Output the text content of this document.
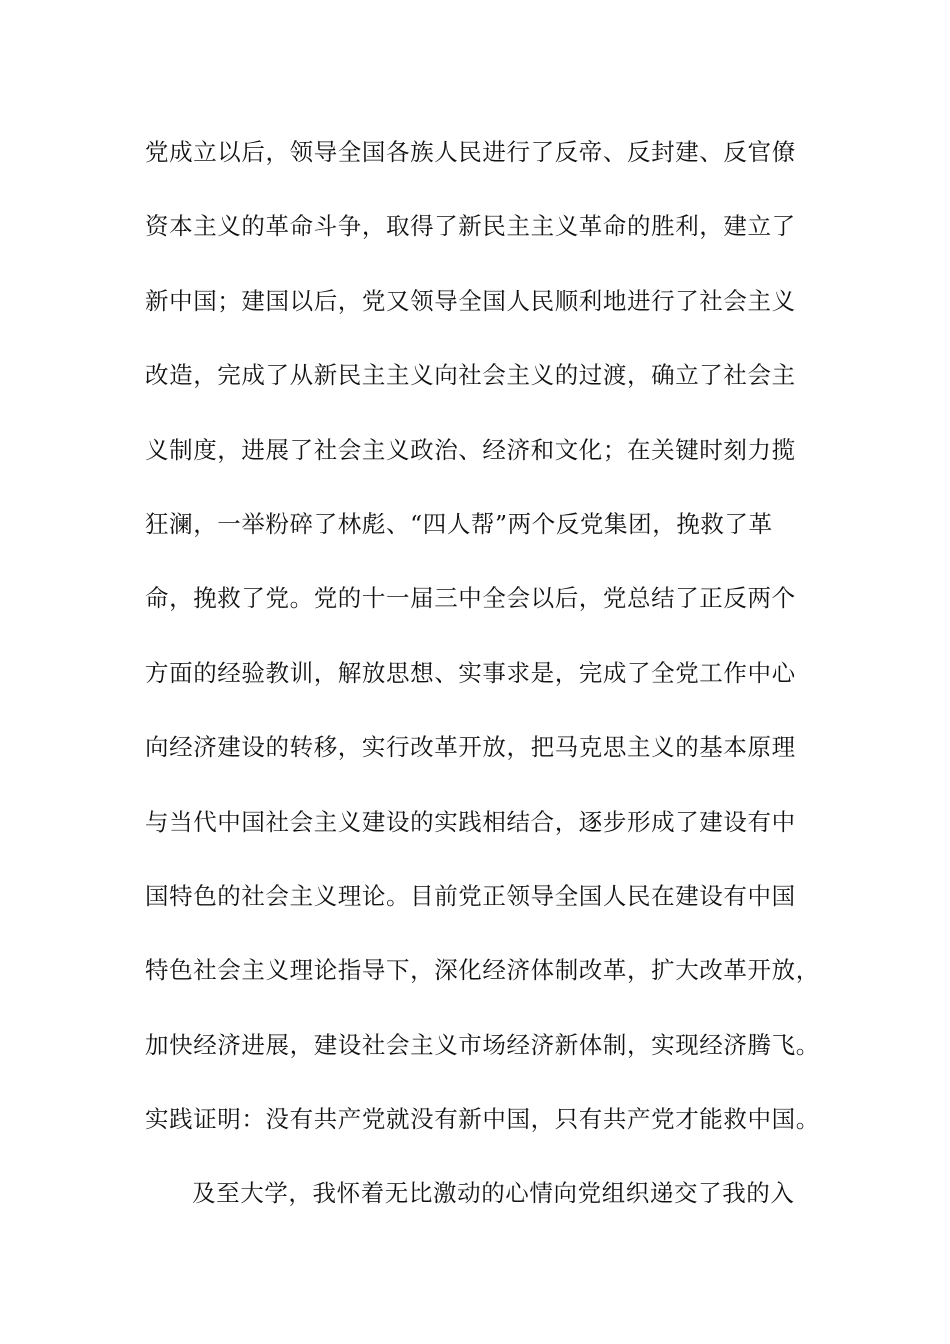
党成立以后，领导全国各族人民进行了反帝、反封建、反官僚
资本主义的革命斗争，取得了新民主主义革命的胜利，建立了
新中国；建国以后，党又领导全国人民顺利地进行了社会主义
改造，完成了从新民主主义向社会主义的过渡，确立了社会主
义制度，进展了社会主义政治、经济和文化；在关键时刻力揽
狂澜，一举粉碎了林彪、“四人帮”两个反党集团，挽救了革
命，挽救了党。党的十一届三中全会以后，党总结了正反两个
方面的经验教训，解放思想、实事求是，完成了全党工作中心
向经济建设的转移，实行改革开放，把马克思主义的基本原理
与当代中国社会主义建设的实践相结合，逐步形成了建设有中
国特色的社会主义理论。目前党正领导全国人民在建设有中国
特色社会主义理论指导下，深化经济体制改革，扩大改革开放，
加快经济进展，建设社会主义市场经济新体制，实现经济腾飞。
实践证明：没有共产党就没有新中国，只有共产党才能救中国。
及至大学，我怀着无比激动的心情向党组织递交了我的入
